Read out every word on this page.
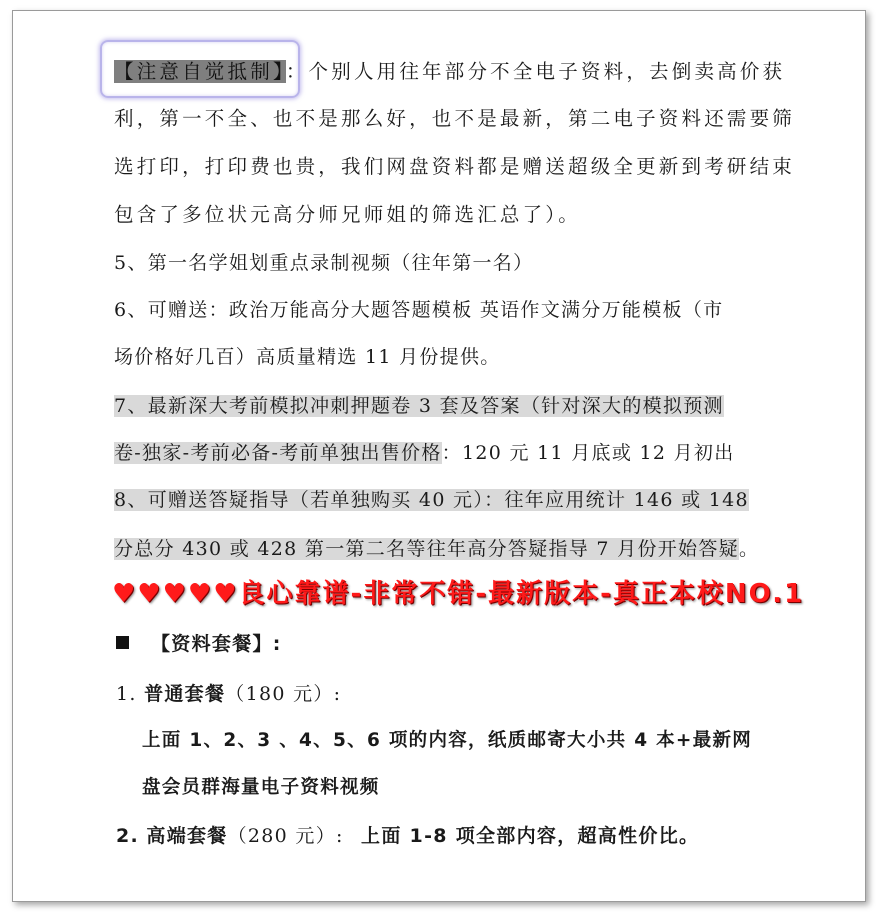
【注意自觉抵制】：个别人用往年部分不全电子资料，去倒卖高价获
利，第一不全、也不是那么好，也不是最新，第二电子资料还需要筛
选打印，打印费也贵，我们网盘资料都是赠送超级全更新到考研结束
包含了多位状元高分师兄师姐的筛选汇总了）。
5、第一名学姐划重点录制视频（往年第一名）
6、可赠送：政治万能高分大题答题模板 英语作文满分万能模板（市
场价格好几百）高质量精选 11 月份提供。
7、最新深大考前模拟冲刺押题卷 3 套及答案（针对深大的模拟预测
卷-独家-考前必备-考前单独出售价格：120 元 11 月底或 12 月初出
8、可赠送答疑指导（若单独购买 40 元）：往年应用统计 146 或 148
分总分 430 或 428 第一第二名等往年高分答疑指导 7 月份开始答疑。
♥♥♥♥♥良心靠谱-非常不错-最新版本-真正本校NO.1
【资料套餐】:
1. 普通套餐（180 元）:
上面 1、2、3 、4、5、6 项的内容，纸质邮寄大小共 4 本+最新网
盘会员群海量电子资料视频
2. 高端套餐（280 元）: 上面 1-8 项全部内容，超高性价比。
